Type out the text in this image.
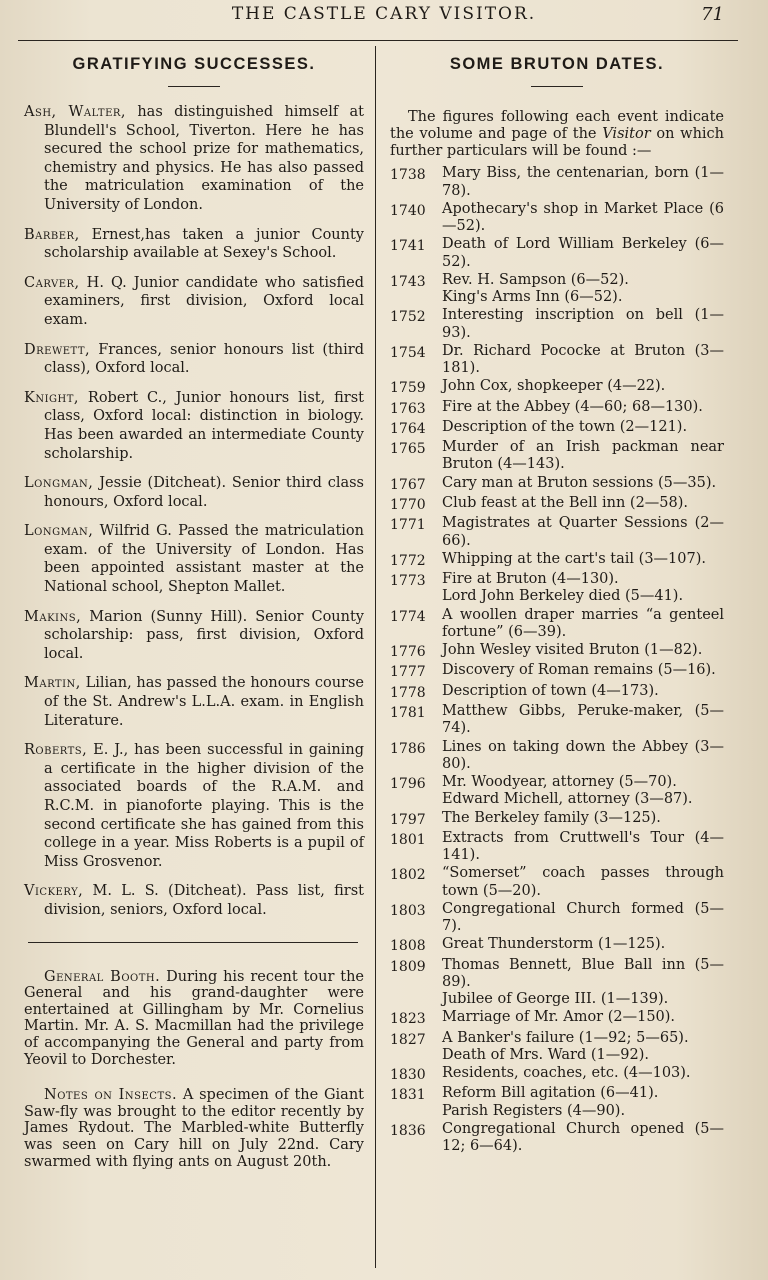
THE CASTLE CARY VISITOR.	71
GRATIFYING SUCCESSES.

Ash, Walter, has distinguished himself at Blundell's School, Tiverton. Here he has secured the school prize for mathematics, chemistry and physics. He has also passed the matriculation examination of the University of London.

Barber, Ernest,has taken a junior County scholarship available at Sexey's School.

Carver, H. Q. Junior candidate who satisfied examiners, first division, Oxford local exam.

Drewett, Frances, senior honours list (third class), Oxford local.

Knight, Robert C., Junior honours list, first class, Oxford local: distinction in biology. Has been awarded an intermediate County scholarship.

Longman, Jessie (Ditcheat). Senior third class honours, Oxford local.

Longman, Wilfrid G. Passed the matriculation exam. of the University of London. Has been appointed assistant master at the National school, Shepton Mallet.

Makins, Marion (Sunny Hill). Senior County scholarship: pass, first division, Oxford local.

Martin, Lilian, has passed the honours course of the St. Andrew's L.L.A. exam. in English Literature.

Roberts, E. J., has been successful in gaining a certificate in the higher division of the associated boards of the R.A.M. and R.C.M. in pianoforte playing. This is the second certificate she has gained from this college in a year. Miss Roberts is a pupil of Miss Grosvenor.

Vickery, M. L. S. (Ditcheat). Pass list, first division, seniors, Oxford local.

General Booth. During his recent tour the General and his grand-daughter were entertained at Gillingham by Mr. Cornelius Martin. Mr. A. S. Macmillan had the privilege of accompanying the General and party from Yeovil to Dorchester.

Notes on Insects. A specimen of the Giant Saw-fly was brought to the editor recently by James Rydout. The Marbled-white Butterfly was seen on Cary hill on July 22nd. Cary swarmed with flying ants on August 20th.

SOME BRUTON DATES.

The figures following each event indicate the volume and page of the Visitor on which further particulars will be found :—

1738	Mary Biss, the centenarian, born (1—78).
1740	Apothecary's shop in Market Place (6—52).
1741	Death of Lord William Berkeley (6—52).
1743	Rev. H. Sampson (6—52).
King's Arms Inn (6—52).
1752	Interesting inscription on bell (1—93).
1754	Dr. Richard Pococke at Bruton (3—181).
1759	John Cox, shopkeeper (4—22).
1763	Fire at the Abbey (4—60; 68—130).
1764	Description of the town (2—121).
1765	Murder of an Irish packman near Bruton (4—143).
1767	Cary man at Bruton sessions (5—35).
1770	Club feast at the Bell inn (2—58).
1771	Magistrates at Quarter Sessions (2—66).
1772	Whipping at the cart's tail (3—107).
1773	Fire at Bruton (4—130).
Lord John Berkeley died (5—41).
1774	A woollen draper marries “a genteel fortune” (6—39).
1776	John Wesley visited Bruton (1—82).
1777	Discovery of Roman remains (5—16).
1778	Description of town (4—173).
1781	Matthew Gibbs, Peruke-maker, (5—74).
1786	Lines on taking down the Abbey (3—80).
1796	Mr. Woodyear, attorney (5—70).
Edward Michell, attorney (3—87).
1797	The Berkeley family (3—125).
1801	Extracts from Cruttwell's Tour (4—141).
1802	“Somerset” coach passes through town (5—20).
1803	Congregational Church formed (5—7).
1808	Great Thunderstorm (1—125).
1809	Thomas Bennett, Blue Ball inn (5—89).
Jubilee of George III. (1—139).
1823	Marriage of Mr. Amor (2—150).
1827	A Banker's failure (1—92; 5—65).
Death of Mrs. Ward (1—92).
1830	Residents, coaches, etc. (4—103).
1831	Reform Bill agitation (6—41).
Parish Registers (4—90).
1836	Congregational Church opened (5—12; 6—64).
